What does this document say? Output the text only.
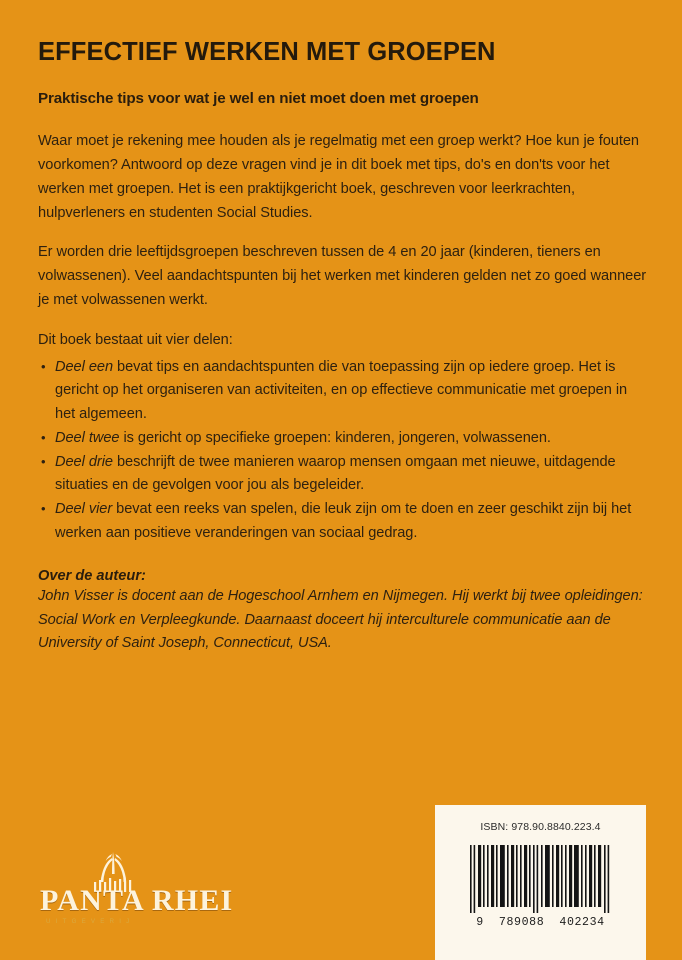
EFFECTIEF WERKEN MET GROEPEN
Praktische tips voor wat je wel en niet moet doen met groepen

Waar moet je rekening mee houden als je regelmatig met een groep werkt? Hoe kun je fouten voorkomen? Antwoord op deze vragen vind je in dit boek met tips, do's en don'ts voor het werken met groepen. Het is een praktijkgericht boek, geschreven voor leerkrachten, hulpverleners en studenten Social Studies.

Er worden drie leeftijdsgroepen beschreven tussen de 4 en 20 jaar (kinderen, tieners en volwassenen). Veel aandachtspunten bij het werken met kinderen gelden net zo goed wanneer je met volwassenen werkt.

Dit boek bestaat uit vier delen:

• Deel een bevat tips en aandachtspunten die van toepassing zijn op iedere groep. Het is gericht op het organiseren van activiteiten, en op effectieve communicatie met groepen in het algemeen.
• Deel twee is gericht op specifieke groepen: kinderen, jongeren, volwassenen.
• Deel drie beschrijft de twee manieren waarop mensen omgaan met nieuwe, uitdagende situaties en de gevolgen voor jou als begeleider.
• Deel vier bevat een reeks van spelen, die leuk zijn om te doen en zeer geschikt zijn bij het werken aan positieve veranderingen van sociaal gedrag.

Over de auteur:

John Visser is docent aan de Hogeschool Arnhem en Nijmegen. Hij werkt bij twee opleidingen: Social Work en Verpleegkunde. Daarnaast doceert hij interculturele communicatie aan de University of Saint Joseph, Connecticut, USA.

PANTA RHEI
UITGEVERIJ
ISBN: 978.90.8840.223.4
9  789088  402234
